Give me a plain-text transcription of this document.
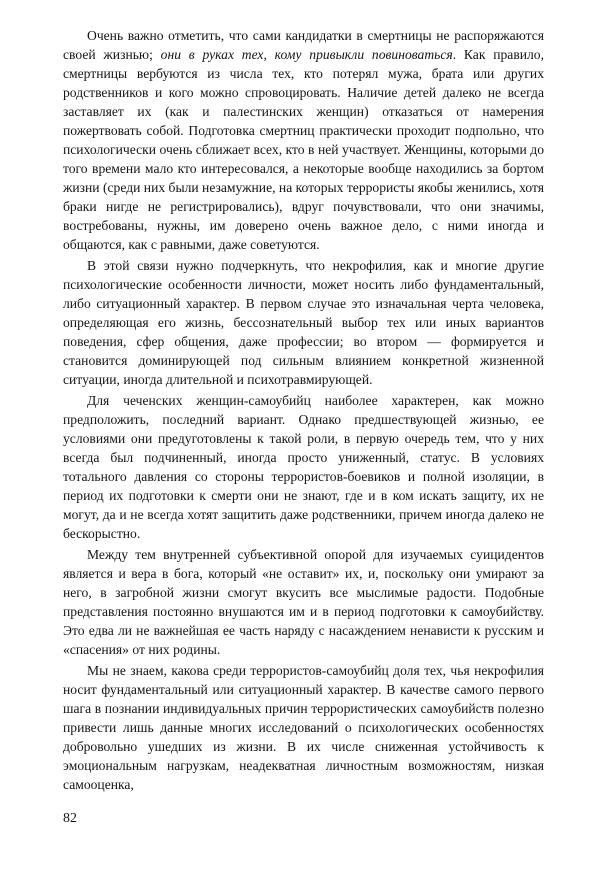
Очень важно отметить, что сами кандидатки в смертницы не распоряжаются своей жизнью; они в руках тех, кому привыкли повиноваться. Как правило, смертницы вербуются из числа тех, кто потерял мужа, брата или других родственников и кого можно спровоцировать. Наличие детей далеко не всегда заставляет их (как и палестинских женщин) отказаться от намерения пожертвовать собой. Подготовка смертниц практически проходит подпольно, что психологически очень сближает всех, кто в ней участвует. Женщины, которыми до того времени мало кто интересовался, а некоторые вообще находились за бортом жизни (среди них были незамужние, на которых террористы якобы женились, хотя браки нигде не регистрировались), вдруг почувствовали, что они значимы, востребованы, нужны, им доверено очень важное дело, с ними иногда и общаются, как с равными, даже советуются.

В этой связи нужно подчеркнуть, что некрофилия, как и многие другие психологические особенности личности, может носить либо фундаментальный, либо ситуационный характер. В первом случае это изначальная черта человека, определяющая его жизнь, бессознательный выбор тех или иных вариантов поведения, сфер общения, даже профессии; во втором — формируется и становится доминирующей под сильным влиянием конкретной жизненной ситуации, иногда длительной и психотравмирующей.

Для чеченских женщин-самоубийц наиболее характерен, как можно предположить, последний вариант. Однако предшествующей жизнью, ее условиями они предуготовлены к такой роли, в первую очередь тем, что у них всегда был подчиненный, иногда просто униженный, статус. В условиях тотального давления со стороны террористов-боевиков и полной изоляции, в период их подготовки к смерти они не знают, где и в ком искать защиту, их не могут, да и не всегда хотят защитить даже родственники, причем иногда далеко не бескорыстно.

Между тем внутренней субъективной опорой для изучаемых суицидентов является и вера в бога, который «не оставит» их, и, поскольку они умирают за него, в загробной жизни смогут вкусить все мыслимые радости. Подобные представления постоянно внушаются им и в период подготовки к самоубийству. Это едва ли не важнейшая ее часть наряду с насаждением ненависти к русским и «спасения» от них родины.

Мы не знаем, какова среди террористов-самоубийц доля тех, чья некрофилия носит фундаментальный или ситуационный характер. В качестве самого первого шага в познании индивидуальных причин террористических самоубийств полезно привести лишь данные многих исследований о психологических особенностях добровольно ушедших из жизни. В их числе сниженная устойчивость к эмоциональным нагрузкам, неадекватная личностным возможностям, низкая самооценка,

82
